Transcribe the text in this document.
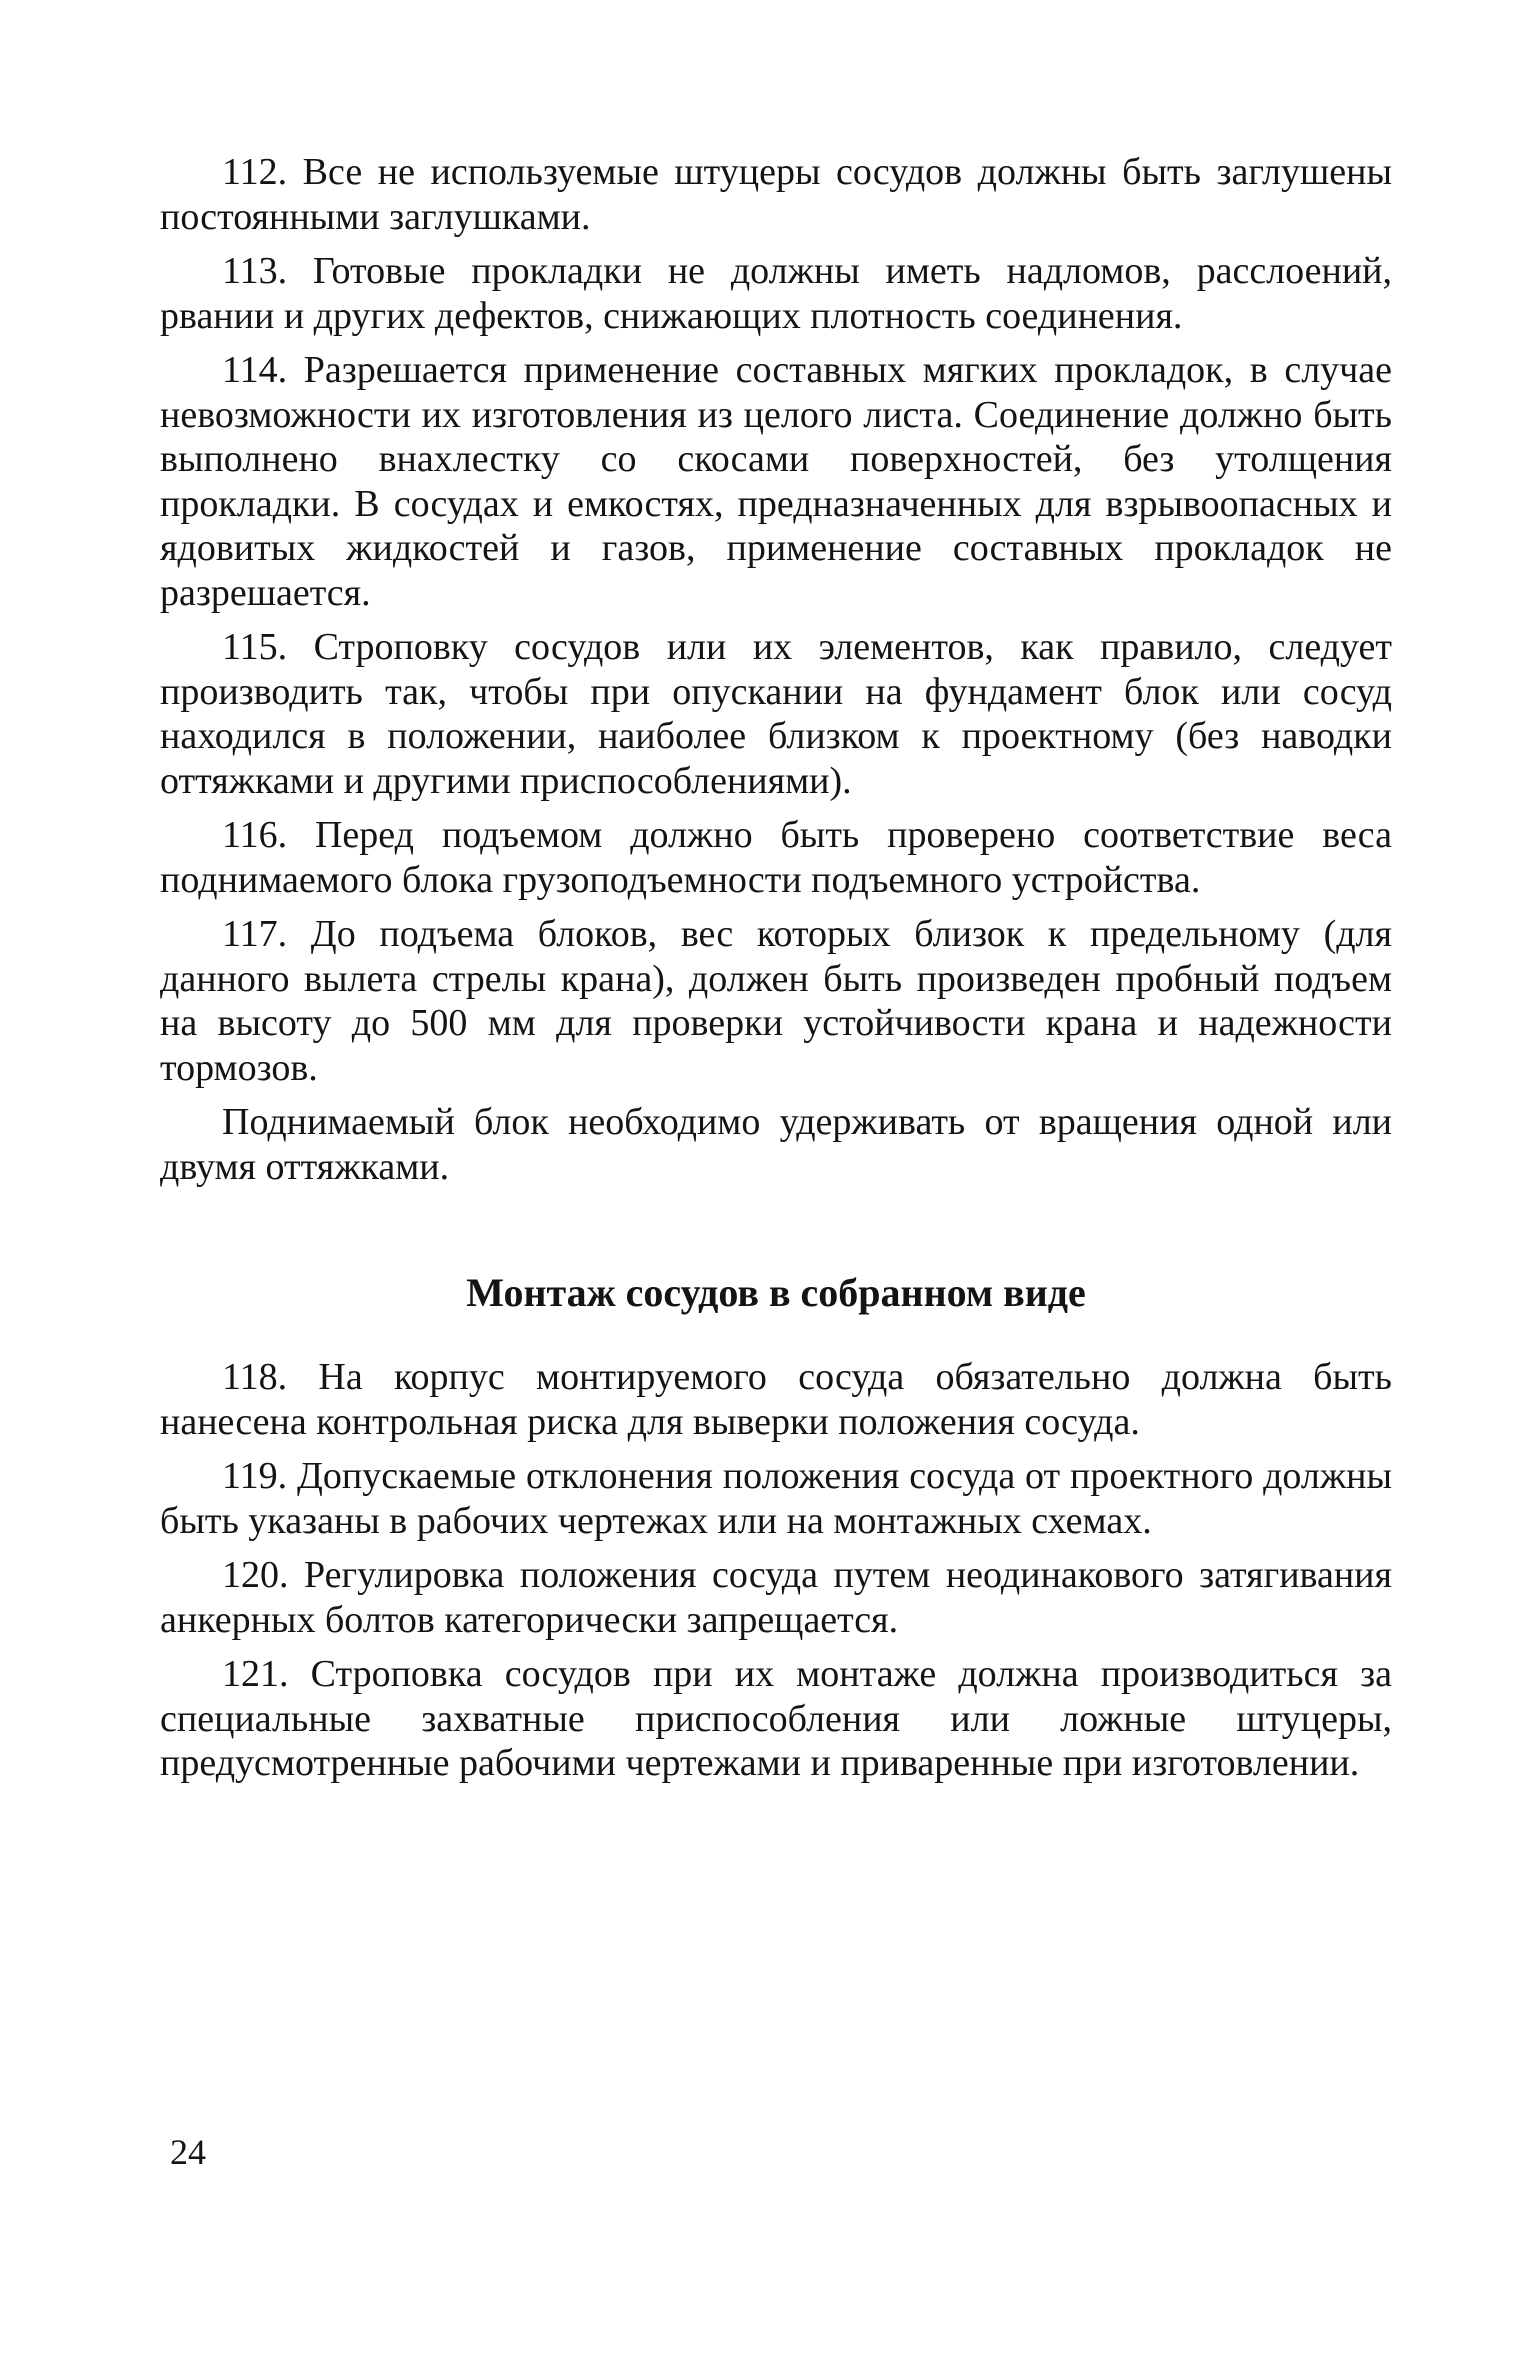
112. Все не используемые штуцеры сосудов должны быть заглушены постоянными заглушками.

113. Готовые прокладки не должны иметь надломов, расслоений, рвании и других дефектов, снижающих плотность соединения.

114. Разрешается применение составных мягких прокладок, в случае невозможности их изготовления из целого листа. Соединение должно быть выполнено внахлестку со скосами поверхностей, без утолщения прокладки. В сосудах и емкостях, предназначенных для взрывоопасных и ядовитых жидкостей и газов, применение составных прокладок не разрешается.

115. Строповку сосудов или их элементов, как правило, следует производить так, чтобы при опускании на фундамент блок или сосуд находился в положении, наиболее близком к проектному (без наводки оттяжками и другими приспособлениями).

116. Перед подъемом должно быть проверено соответствие веса поднимаемого блока грузоподъемности подъемного устройства.

117. До подъема блоков, вес которых близок к предельному (для данного вылета стрелы крана), должен быть произведен пробный подъем на высоту до 500 мм для проверки устойчивости крана и надежности тормозов.

Поднимаемый блок необходимо удерживать от вращения одной или двумя оттяжками.

Монтаж сосудов в собранном виде

118. На корпус монтируемого сосуда обязательно должна быть нанесена контрольная риска для выверки положения сосуда.

119. Допускаемые отклонения положения сосуда от проектного должны быть указаны в рабочих чертежах или на монтажных схемах.

120. Регулировка положения сосуда путем неодинакового затягивания анкерных болтов категорически запрещается.

121. Строповка сосудов при их монтаже должна производиться за специальные захватные приспособления или ложные штуцеры, предусмотренные рабочими чертежами и приваренные при изготовлении.

24
